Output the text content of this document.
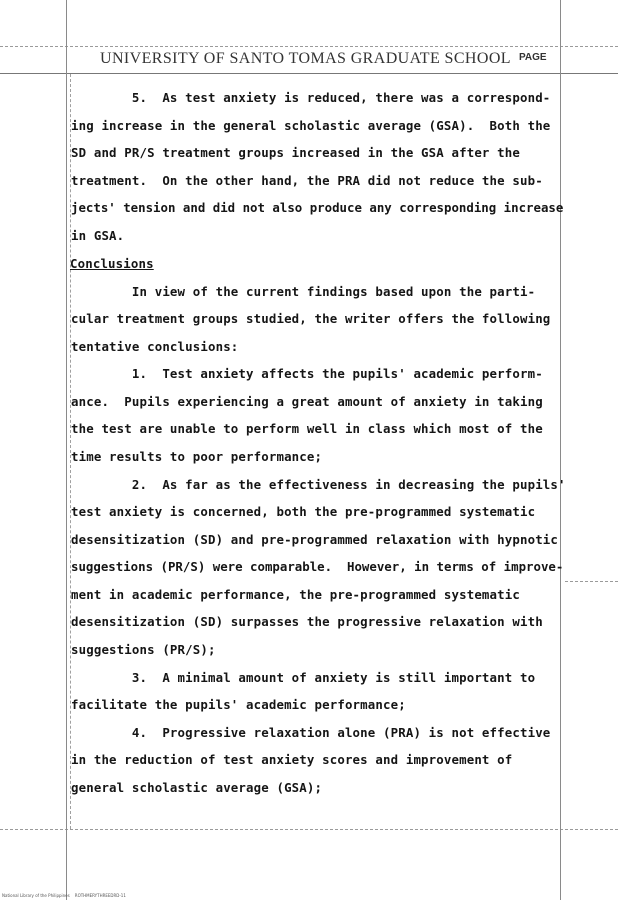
UNIVERSITY OF SANTO TOMAS GRADUATE SCHOOL PAGE
5.  As test anxiety is reduced, there was a correspond-
ing increase in the general scholastic average (GSA).  Both the
SD and PR/S treatment groups increased in the GSA after the
treatment.  On the other hand, the PRA did not reduce the sub-
jects' tension and did not also produce any corresponding increase
in GSA.
Conclusions
In view of the current findings based upon the parti-
cular treatment groups studied, the writer offers the following
tentative conclusions:
1.  Test anxiety affects the pupils' academic perform-
ance.  Pupils experiencing a great amount of anxiety in taking
the test are unable to perform well in class which most of the
time results to poor performance;
2.  As far as the effectiveness in decreasing the pupils'
test anxiety is concerned, both the pre-programmed systematic
desensitization (SD) and pre-programmed relaxation with hypnotic
suggestions (PR/S) were comparable.  However, in terms of improve-
ment in academic performance, the pre-programmed systematic
desensitization (SD) surpasses the progressive relaxation with
suggestions (PR/S);
3.  A minimal amount of anxiety is still important to
facilitate the pupils' academic performance;
4.  Progressive relaxation alone (PRA) is not effective
in the reduction of test anxiety scores and improvement of
general scholastic average (GSA);
National Library of the Philippines    ROTHMERYTHREEDRD-11
